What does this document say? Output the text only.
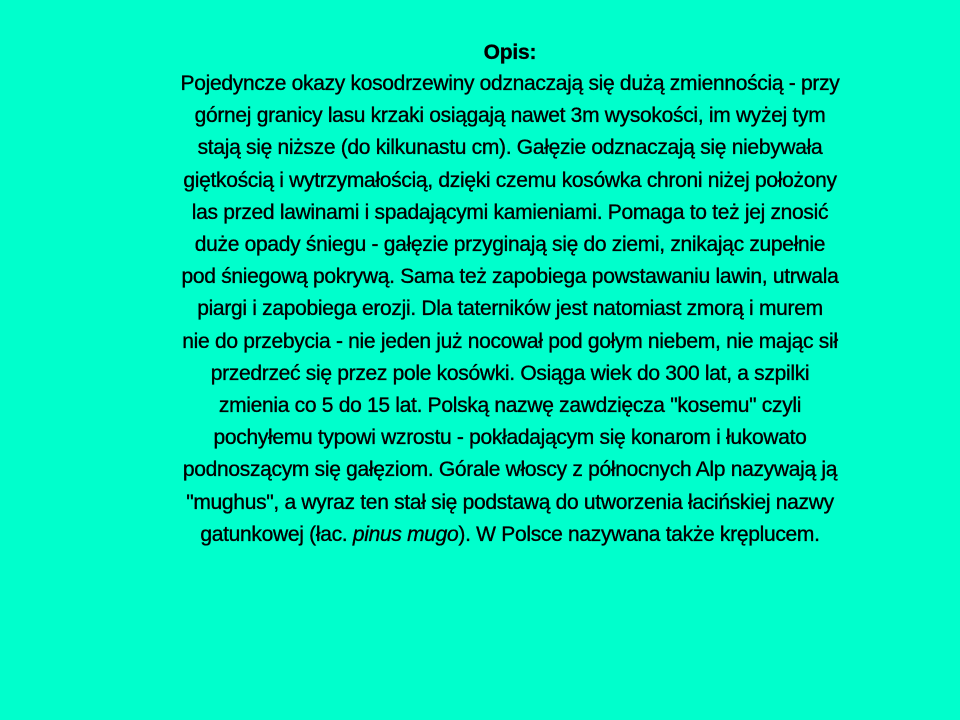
Opis:
Pojedyncze okazy kosodrzewiny odznaczają się dużą zmiennością - przy
górnej granicy lasu krzaki osiągają nawet 3m wysokości, im wyżej tym
stają się niższe (do kilkunastu cm). Gałęzie odznaczają się niebywała
giętkością i wytrzymałością, dzięki czemu kosówka chroni niżej położony
las przed lawinami i spadającymi kamieniami. Pomaga to też jej znosić
duże opady śniegu - gałęzie przyginają się do ziemi, znikając zupełnie
pod śniegową pokrywą. Sama też zapobiega powstawaniu lawin, utrwala
piargi i zapobiega erozji. Dla taterników jest natomiast zmorą i murem
nie do przebycia - nie jeden już nocował pod gołym niebem, nie mając sił
przedrzeć się przez pole kosówki. Osiąga wiek do 300 lat, a szpilki
zmienia co 5 do 15 lat. Polską nazwę zawdzięcza "kosemu" czyli
pochyłemu typowi wzrostu - pokładającym się konarom i łukowato
podnoszącym się gałęziom. Górale włoscy z północnych Alp nazywają ją
"mughus", a wyraz ten stał się podstawą do utworzenia łacińskiej nazwy
gatunkowej (łac. pinus mugo). W Polsce nazywana także kręplucem.
